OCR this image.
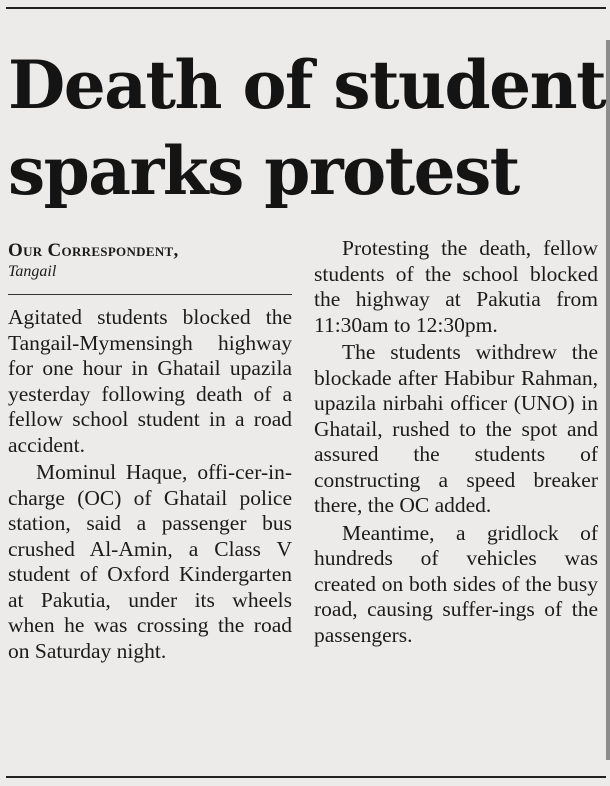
Death of student
sparks protest
Our Correspondent,
Tangail

Agitated students blocked the Tangail-Mymensingh highway for one hour in Ghatail upazila yesterday following death of a fellow school student in a road accident.

Mominul Haque, offi-cer-in-charge (OC) of Ghatail police station, said a passenger bus crushed Al-Amin, a Class V student of Oxford Kindergarten at Pakutia, under its wheels when he was crossing the road on Saturday night.

Protesting the death, fellow students of the school blocked the highway at Pakutia from 11:30am to 12:30pm.

The students withdrew the blockade after Habibur Rahman, upazila nirbahi officer (UNO) in Ghatail, rushed to the spot and assured the students of constructing a speed breaker there, the OC added.

Meantime, a gridlock of hundreds of vehicles was created on both sides of the busy road, causing suffer-ings of the passengers.
